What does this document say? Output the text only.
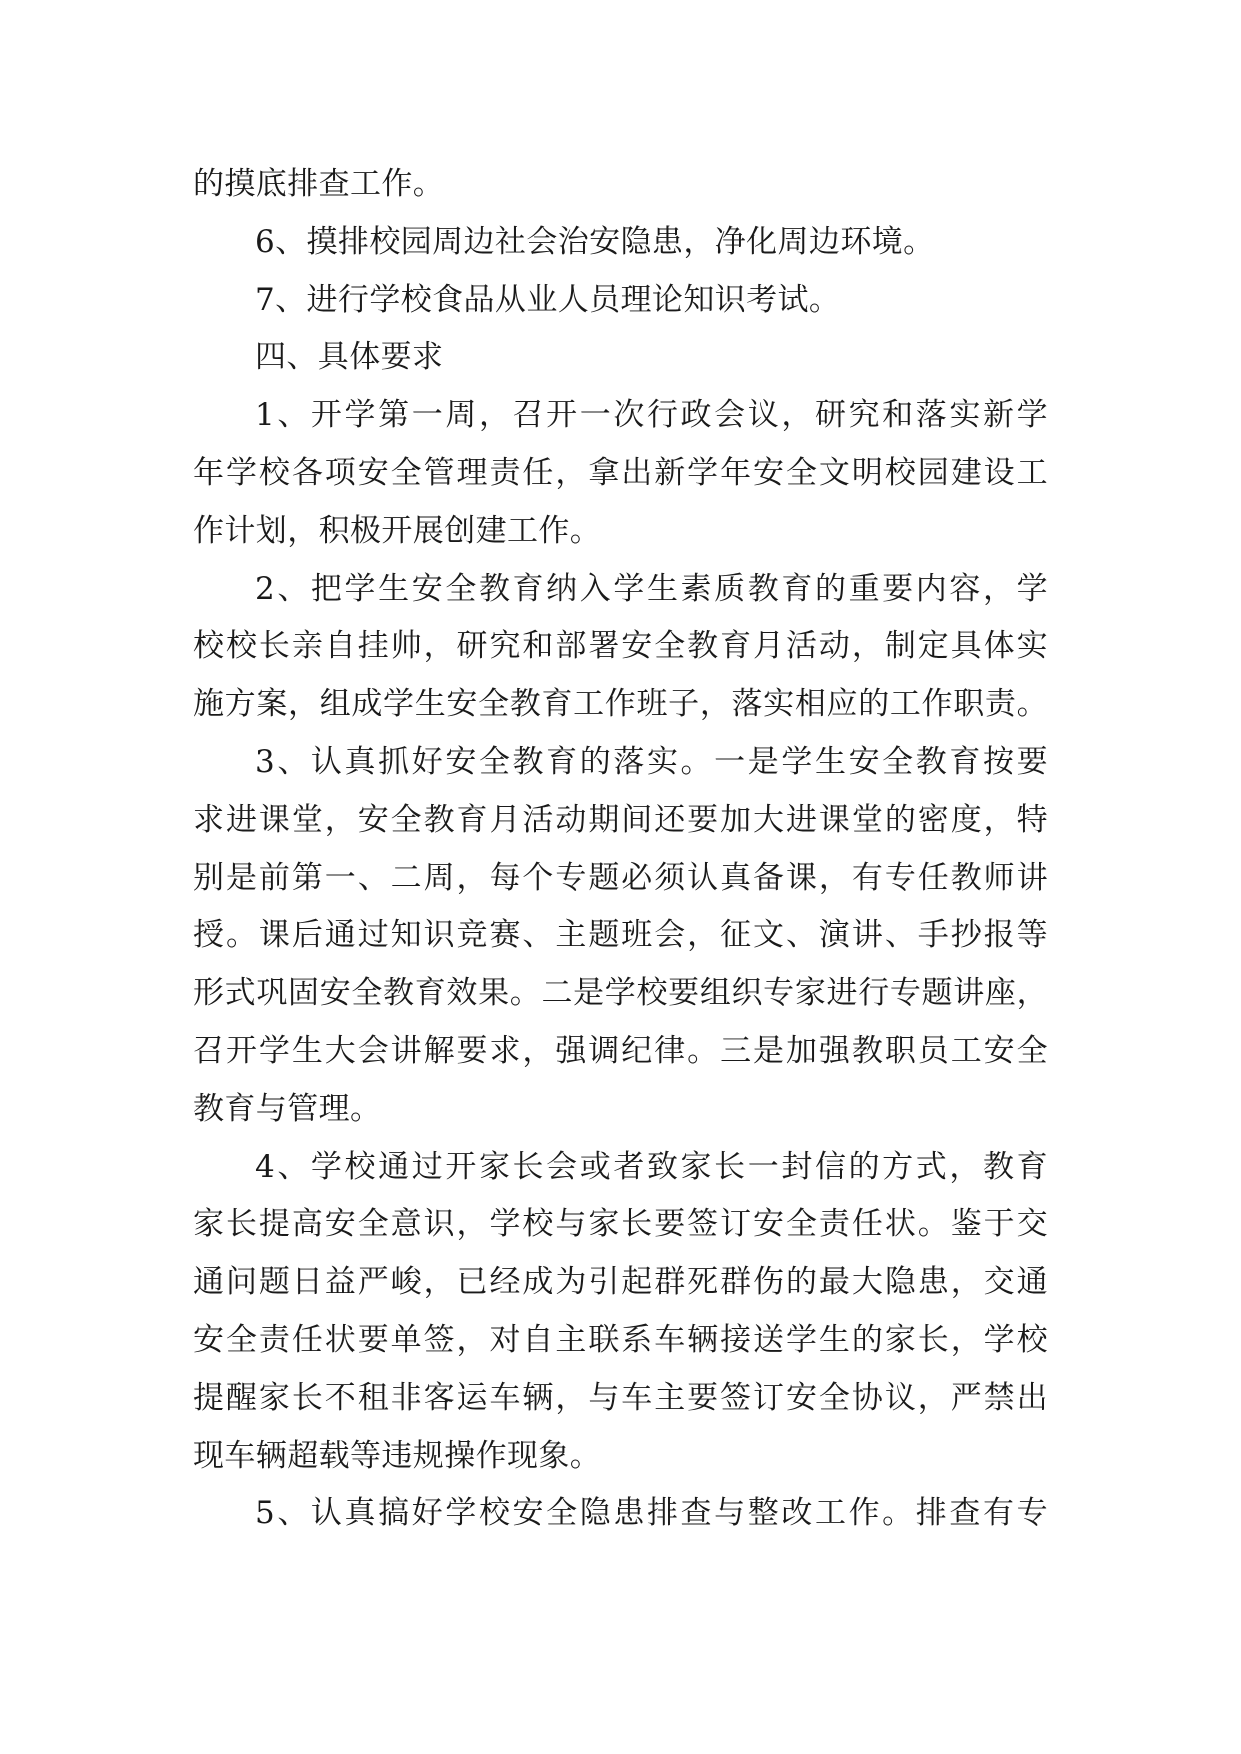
的摸底排查工作。
6、摸排校园周边社会治安隐患，净化周边环境。
7、进行学校食品从业人员理论知识考试。
四、具体要求
1、开学第一周，召开一次行政会议，研究和落实新学
年学校各项安全管理责任，拿出新学年安全文明校园建设工
作计划，积极开展创建工作。
2、把学生安全教育纳入学生素质教育的重要内容，学
校校长亲自挂帅，研究和部署安全教育月活动，制定具体实
施方案，组成学生安全教育工作班子，落实相应的工作职责。
3、认真抓好安全教育的落实。一是学生安全教育按要
求进课堂，安全教育月活动期间还要加大进课堂的密度，特
别是前第一、二周，每个专题必须认真备课，有专任教师讲
授。课后通过知识竞赛、主题班会，征文、演讲、手抄报等
形式巩固安全教育效果。二是学校要组织专家进行专题讲座，
召开学生大会讲解要求，强调纪律。三是加强教职员工安全
教育与管理。
4、学校通过开家长会或者致家长一封信的方式，教育
家长提高安全意识，学校与家长要签订安全责任状。鉴于交
通问题日益严峻，已经成为引起群死群伤的最大隐患，交通
安全责任状要单签，对自主联系车辆接送学生的家长，学校
提醒家长不租非客运车辆，与车主要签订安全协议，严禁出
现车辆超载等违规操作现象。
5、认真搞好学校安全隐患排查与整改工作。排查有专
